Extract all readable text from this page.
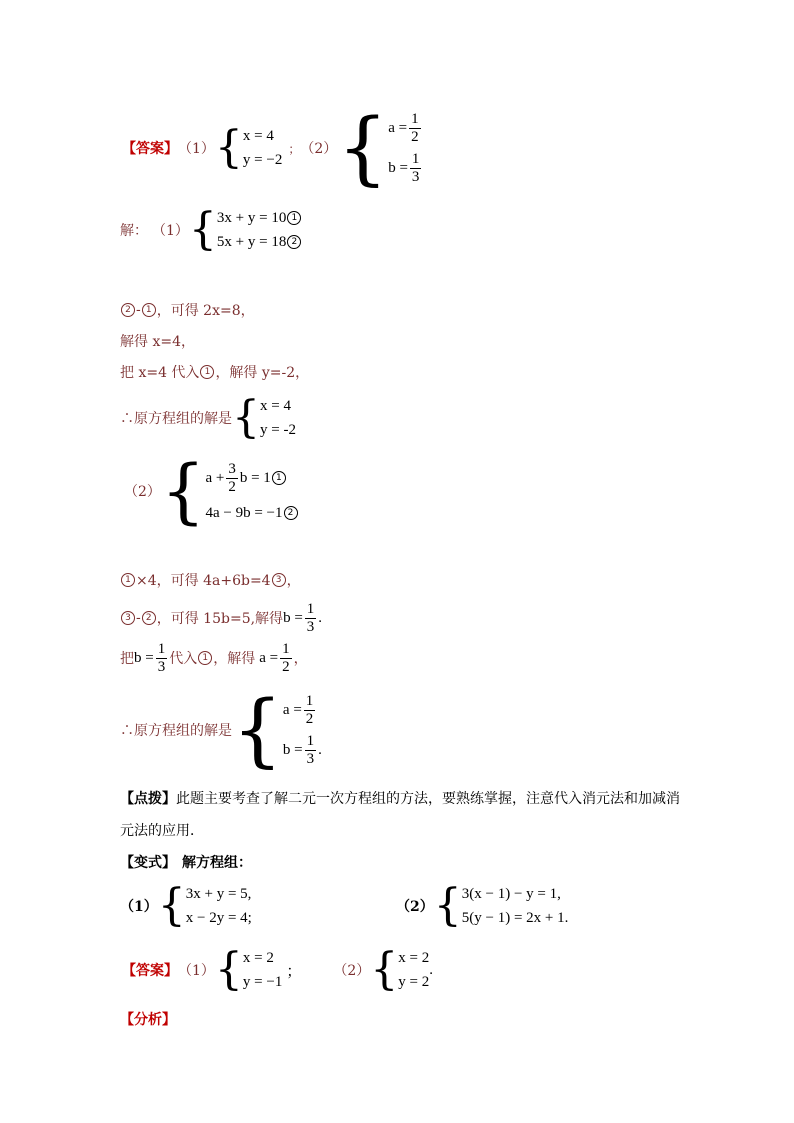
【答案】 （1） { x = 4
y = −2
； （2） { $a = \frac{1}{2}$
$b = \frac{1}{3}$
解： （1） { 3x + y = 10 1
5x + y = 18 2
2 - 1 ，可得 2x=8，
解得 x=4，
把 x=4 代入 1 ，解得 y=-2，
∴原方程组的解是 { x = 4
y = -2
（2） { $a + \frac{3}{2}$ b = 1 1
4a − 9b = −1 2
1 ×4，可得 4a+6b=4 3 ，
3 - 2 ，可得 15b=5,解得 $b = \frac{1}{3}$ .
把 $b = \frac{1}{3}$ 代入 1 ，解得 $a = \frac{1}{2}$ ，
∴原方程组的解是 { $a = \frac{1}{2}$
$b = \frac{1}{3}$ .
【点拨】 此题主要考查了解二元一次方程组的方法，要熟练掌握，注意代入消元法和加减消
元法的应用．
【变式】 解方程组：
（1） { 3x + y = 5,
x − 2y = 4;
（2） { 3(x − 1) − y = 1,
5(y − 1) = 2x + 1.
【答案】 （1） { x = 2
y = −1
； （2） { x = 2
y = 2
.
【分析】
